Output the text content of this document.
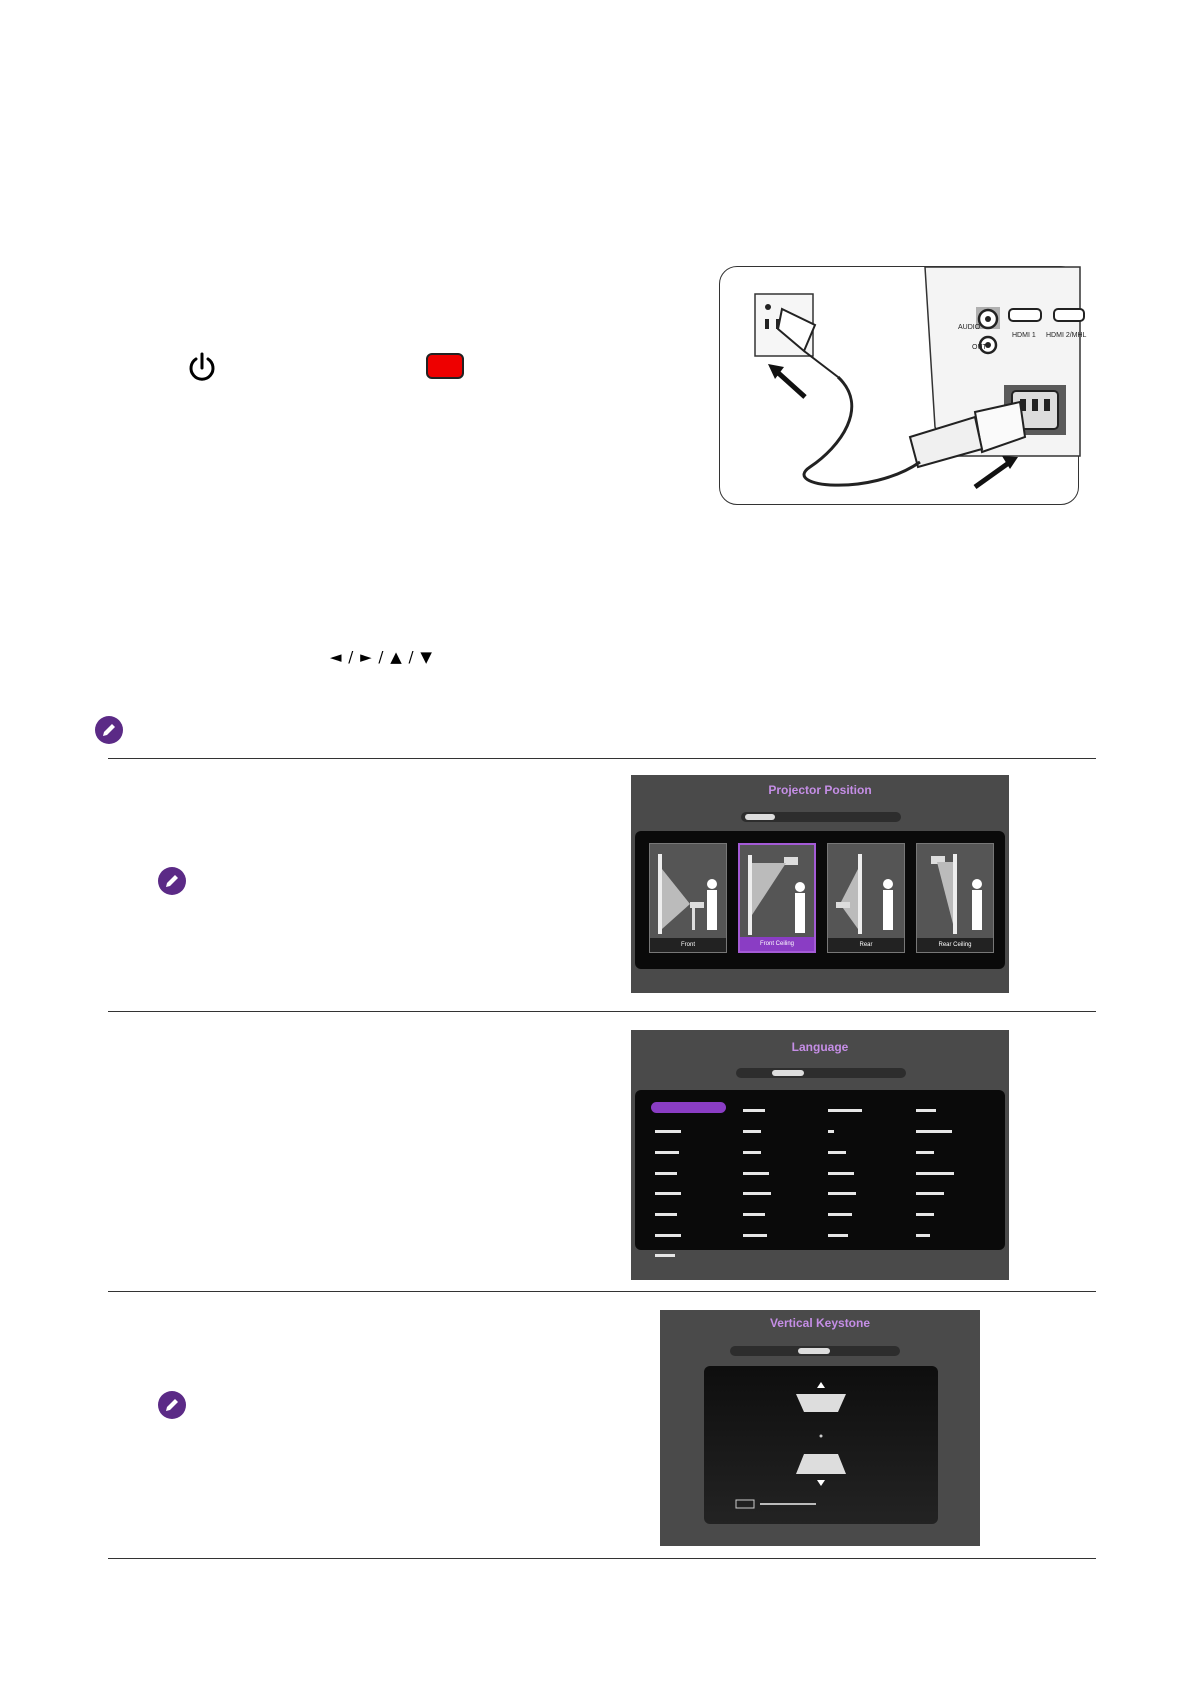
AUDIO
OUT
HDMI 1 HDMI 2/MHL
◄ / ► / ▲ / ▼
Projector Position

Front	Front Ceiling	Rear	Rear Ceiling

Language
Vertical Keystone
